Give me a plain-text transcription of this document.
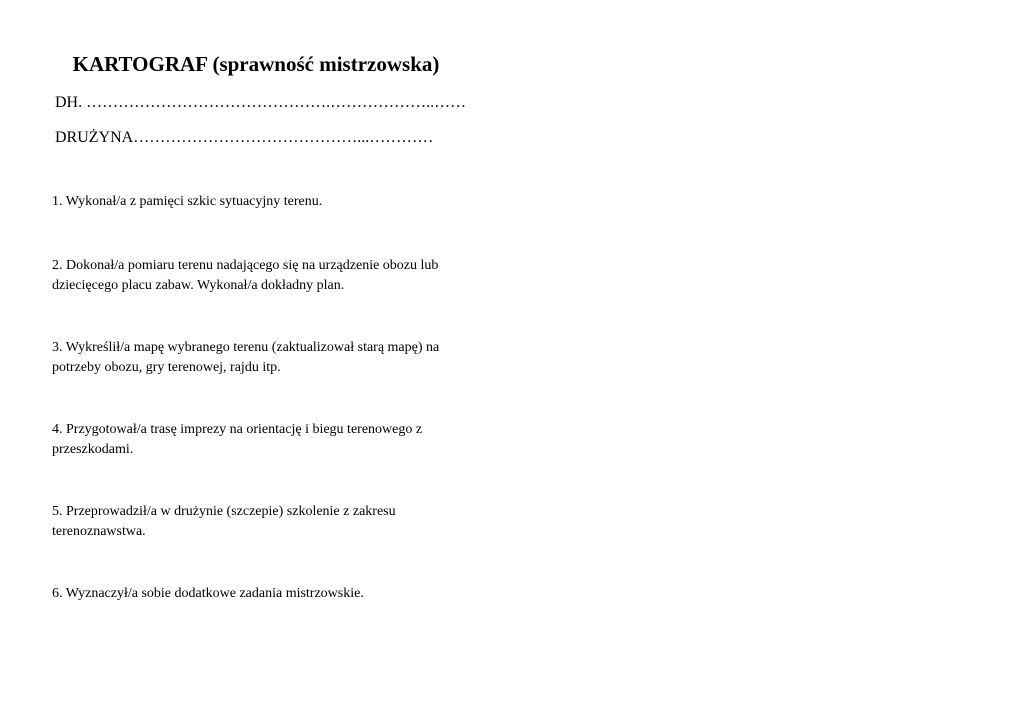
KARTOGRAF (sprawność mistrzowska)
DH. ……………………………………….………………..……
DRUŻYNA……………………………………...…………
1. Wykonał/a z pamięci szkic sytuacyjny terenu.
2. Dokonał/a pomiaru terenu nadającego się na urządzenie obozu lub
dziecięcego placu zabaw. Wykonał/a dokładny plan.
3. Wykreślił/a mapę wybranego terenu (zaktualizował starą mapę) na
potrzeby obozu, gry terenowej, rajdu itp.
4. Przygotował/a trasę imprezy na orientację i biegu terenowego z
przeszkodami.
5. Przeprowadził/a w drużynie (szczepie) szkolenie z zakresu
terenoznawstwa.
6. Wyznaczył/a sobie dodatkowe zadania mistrzowskie.
